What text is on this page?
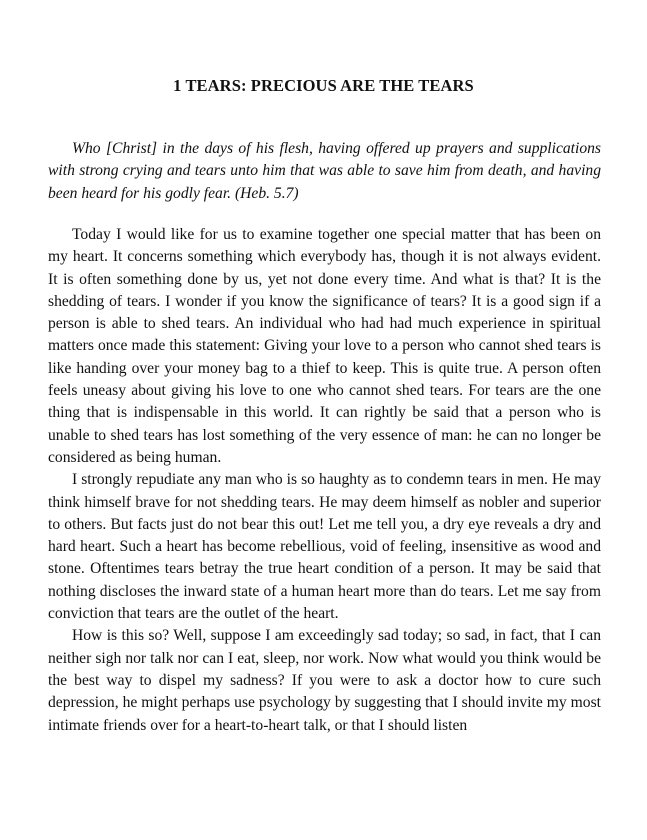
1 TEARS: PRECIOUS ARE THE TEARS

Who [Christ] in the days of his flesh, having offered up prayers and supplications with strong crying and tears unto him that was able to save him from death, and having been heard for his godly fear. (Heb. 5.7)

Today I would like for us to examine together one special matter that has been on my heart. It concerns something which everybody has, though it is not always evident. It is often something done by us, yet not done every time. And what is that? It is the shedding of tears. I wonder if you know the significance of tears? It is a good sign if a person is able to shed tears. An individual who had had much experience in spiritual matters once made this statement: Giving your love to a person who cannot shed tears is like handing over your money bag to a thief to keep. This is quite true. A person often feels uneasy about giving his love to one who cannot shed tears. For tears are the one thing that is indispensable in this world. It can rightly be said that a person who is unable to shed tears has lost something of the very essence of man: he can no longer be considered as being human.

I strongly repudiate any man who is so haughty as to condemn tears in men. He may think himself brave for not shedding tears. He may deem himself as nobler and superior to others. But facts just do not bear this out! Let me tell you, a dry eye reveals a dry and hard heart. Such a heart has become rebellious, void of feeling, insensitive as wood and stone. Oftentimes tears betray the true heart condition of a person. It may be said that nothing discloses the inward state of a human heart more than do tears. Let me say from conviction that tears are the outlet of the heart.

How is this so? Well, suppose I am exceedingly sad today; so sad, in fact, that I can neither sigh nor talk nor can I eat, sleep, nor work. Now what would you think would be the best way to dispel my sadness? If you were to ask a doctor how to cure such depression, he might perhaps use psychology by suggesting that I should invite my most intimate friends over for a heart-to-heart talk, or that I should listen
